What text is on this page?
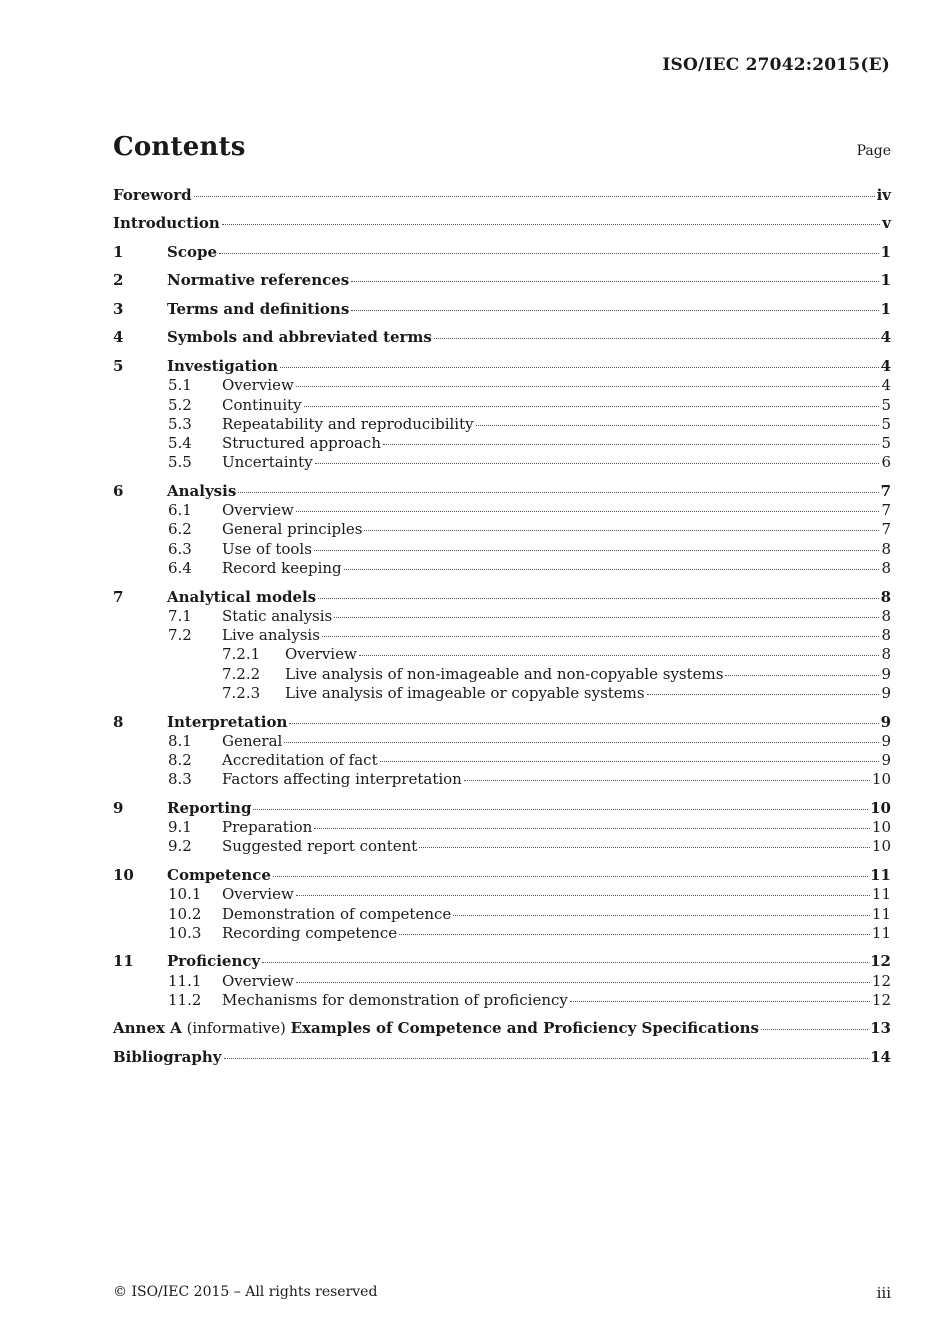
ISO/IEC 27042:2015(E)
Contents	Page
Foreword	iv
Introduction	v
1	Scope	1
2	Normative references	1
3	Terms and definitions	1
4	Symbols and abbreviated terms	4
5	Investigation	4
5.1 Overview	4
5.2 Continuity	5
5.3 Repeatability and reproducibility	5
5.4 Structured approach	5
5.5 Uncertainty	6
6	Analysis	7
6.1 Overview	7
6.2 General principles	7
6.3 Use of tools	8
6.4 Record keeping	8
7	Analytical models	8
7.1 Static analysis	8
7.2 Live analysis	8
7.2.1 Overview	8
7.2.2 Live analysis of non-imageable and non-copyable systems	9
7.2.3 Live analysis of imageable or copyable systems	9
8	Interpretation	9
8.1 General	9
8.2 Accreditation of fact	9
8.3 Factors affecting interpretation	10
9	Reporting	10
9.1 Preparation	10
9.2 Suggested report content	10
10 Competence	11
10.1 Overview	11
10.2 Demonstration of competence	11
10.3 Recording competence	11
11 Proficiency	12
11.1 Overview	12
11.2 Mechanisms for demonstration of proficiency	12
Annex A (informative) Examples of Competence and Proficiency Specifications	13
Bibliography	14
© ISO/IEC 2015 – All rights reserved	iii
